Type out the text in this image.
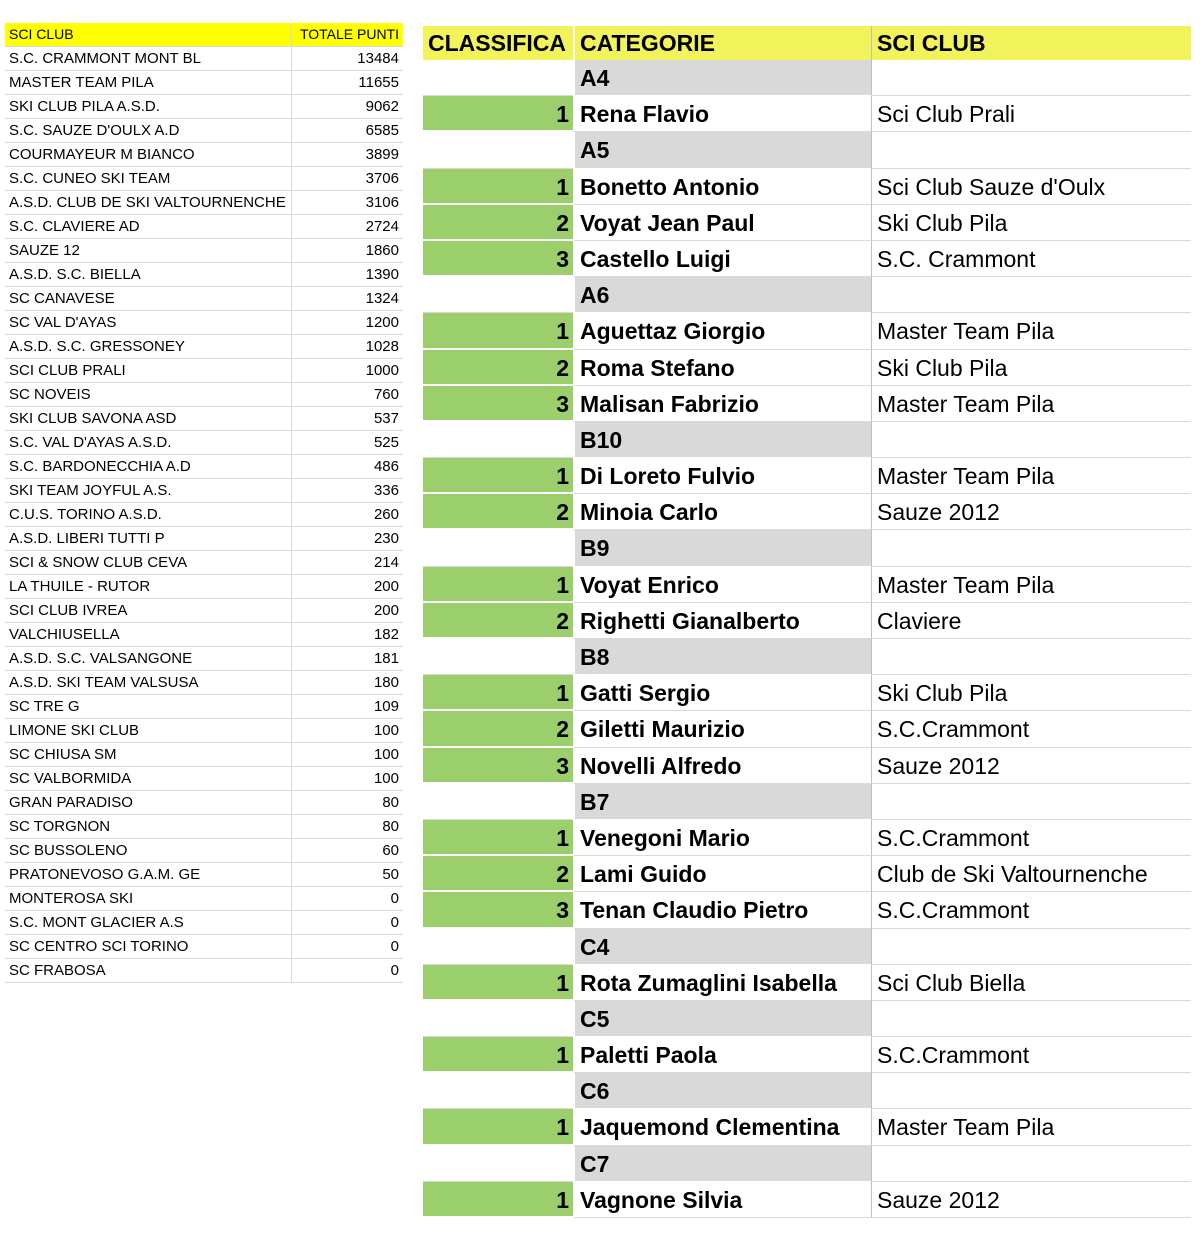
SCI CLUB	TOTALE PUNTI
S.C. CRAMMONT MONT BL	13484
MASTER TEAM PILA	11655
SKI CLUB PILA A.S.D.	9062
S.C. SAUZE D'OULX A.D	6585
COURMAYEUR M BIANCO	3899
S.C. CUNEO SKI TEAM	3706
A.S.D. CLUB DE SKI VALTOURNENCHE	3106
S.C. CLAVIERE AD	2724
SAUZE 12	1860
A.S.D. S.C. BIELLA	1390
SC CANAVESE	1324
SC VAL D'AYAS	1200
A.S.D. S.C. GRESSONEY	1028
SCI CLUB PRALI	1000
SC NOVEIS	760
SKI CLUB SAVONA ASD	537
S.C. VAL D'AYAS A.S.D.	525
S.C. BARDONECCHIA A.D	486
SKI TEAM JOYFUL A.S.	336
C.U.S. TORINO A.S.D.	260
A.S.D. LIBERI TUTTI P	230
SCI & SNOW CLUB CEVA	214
LA THUILE - RUTOR	200
SCI CLUB IVREA	200
VALCHIUSELLA	182
A.S.D. S.C. VALSANGONE	181
A.S.D. SKI TEAM VALSUSA	180
SC TRE G	109
LIMONE SKI CLUB	100
SC CHIUSA SM	100
SC VALBORMIDA	100
GRAN PARADISO	80
SC TORGNON	80
SC BUSSOLENO	60
PRATONEVOSO G.A.M. GE	50
MONTEROSA SKI	0
S.C. MONT GLACIER A.S	0
SC CENTRO SCI TORINO	0
SC FRABOSA	0
CLASSIFICA CATEGORIE	SCI CLUB
A4
1 Rena Flavio	Sci Club Prali
A5
1 Bonetto Antonio	Sci Club Sauze d'Oulx
2 Voyat Jean Paul	Ski Club Pila
3 Castello Luigi	S.C. Crammont
A6
1 Aguettaz Giorgio	Master Team Pila
2 Roma Stefano	Ski Club Pila
3 Malisan Fabrizio	Master Team Pila
B10
1 Di Loreto Fulvio	Master Team Pila
2 Minoia Carlo	Sauze 2012
B9
1 Voyat Enrico	Master Team Pila
2 Righetti Gianalberto	Claviere
B8
1 Gatti Sergio	Ski Club Pila
2 Giletti Maurizio	S.C.Crammont
3 Novelli Alfredo	Sauze 2012
B7
1 Venegoni Mario	S.C.Crammont
2 Lami Guido	Club de Ski Valtournenche
3 Tenan Claudio Pietro	S.C.Crammont
C4
1 Rota Zumaglini Isabella	Sci Club Biella
C5
1 Paletti Paola	S.C.Crammont
C6
1 Jaquemond Clementina	Master Team Pila
C7
1 Vagnone Silvia	Sauze 2012
